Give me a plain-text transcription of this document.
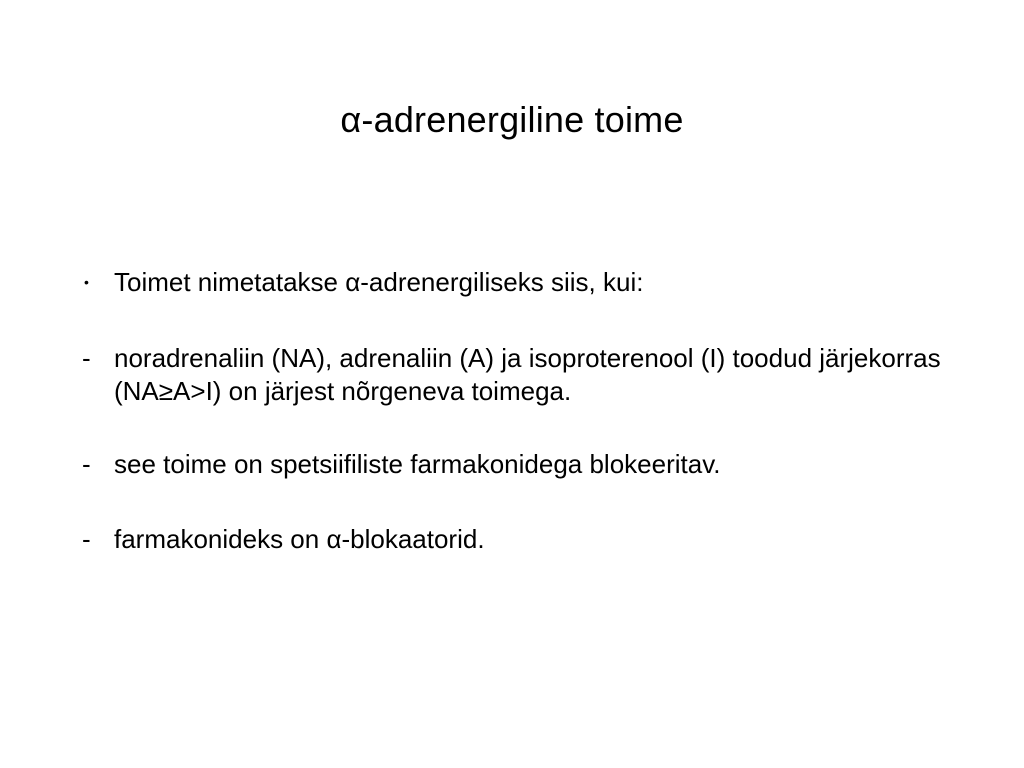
α-adrenergiline toime
• Toimet nimetatakse α-adrenergiliseks siis, kui:
- noradrenaliin (NA), adrenaliin (A) ja isoproterenool (I) toodud järjekorras (NA≥A>I) on järjest nõrgeneva toimega.
- see toime on spetsiifiliste farmakonidega blokeeritav.
- farmakonideks on α-blokaatorid.
